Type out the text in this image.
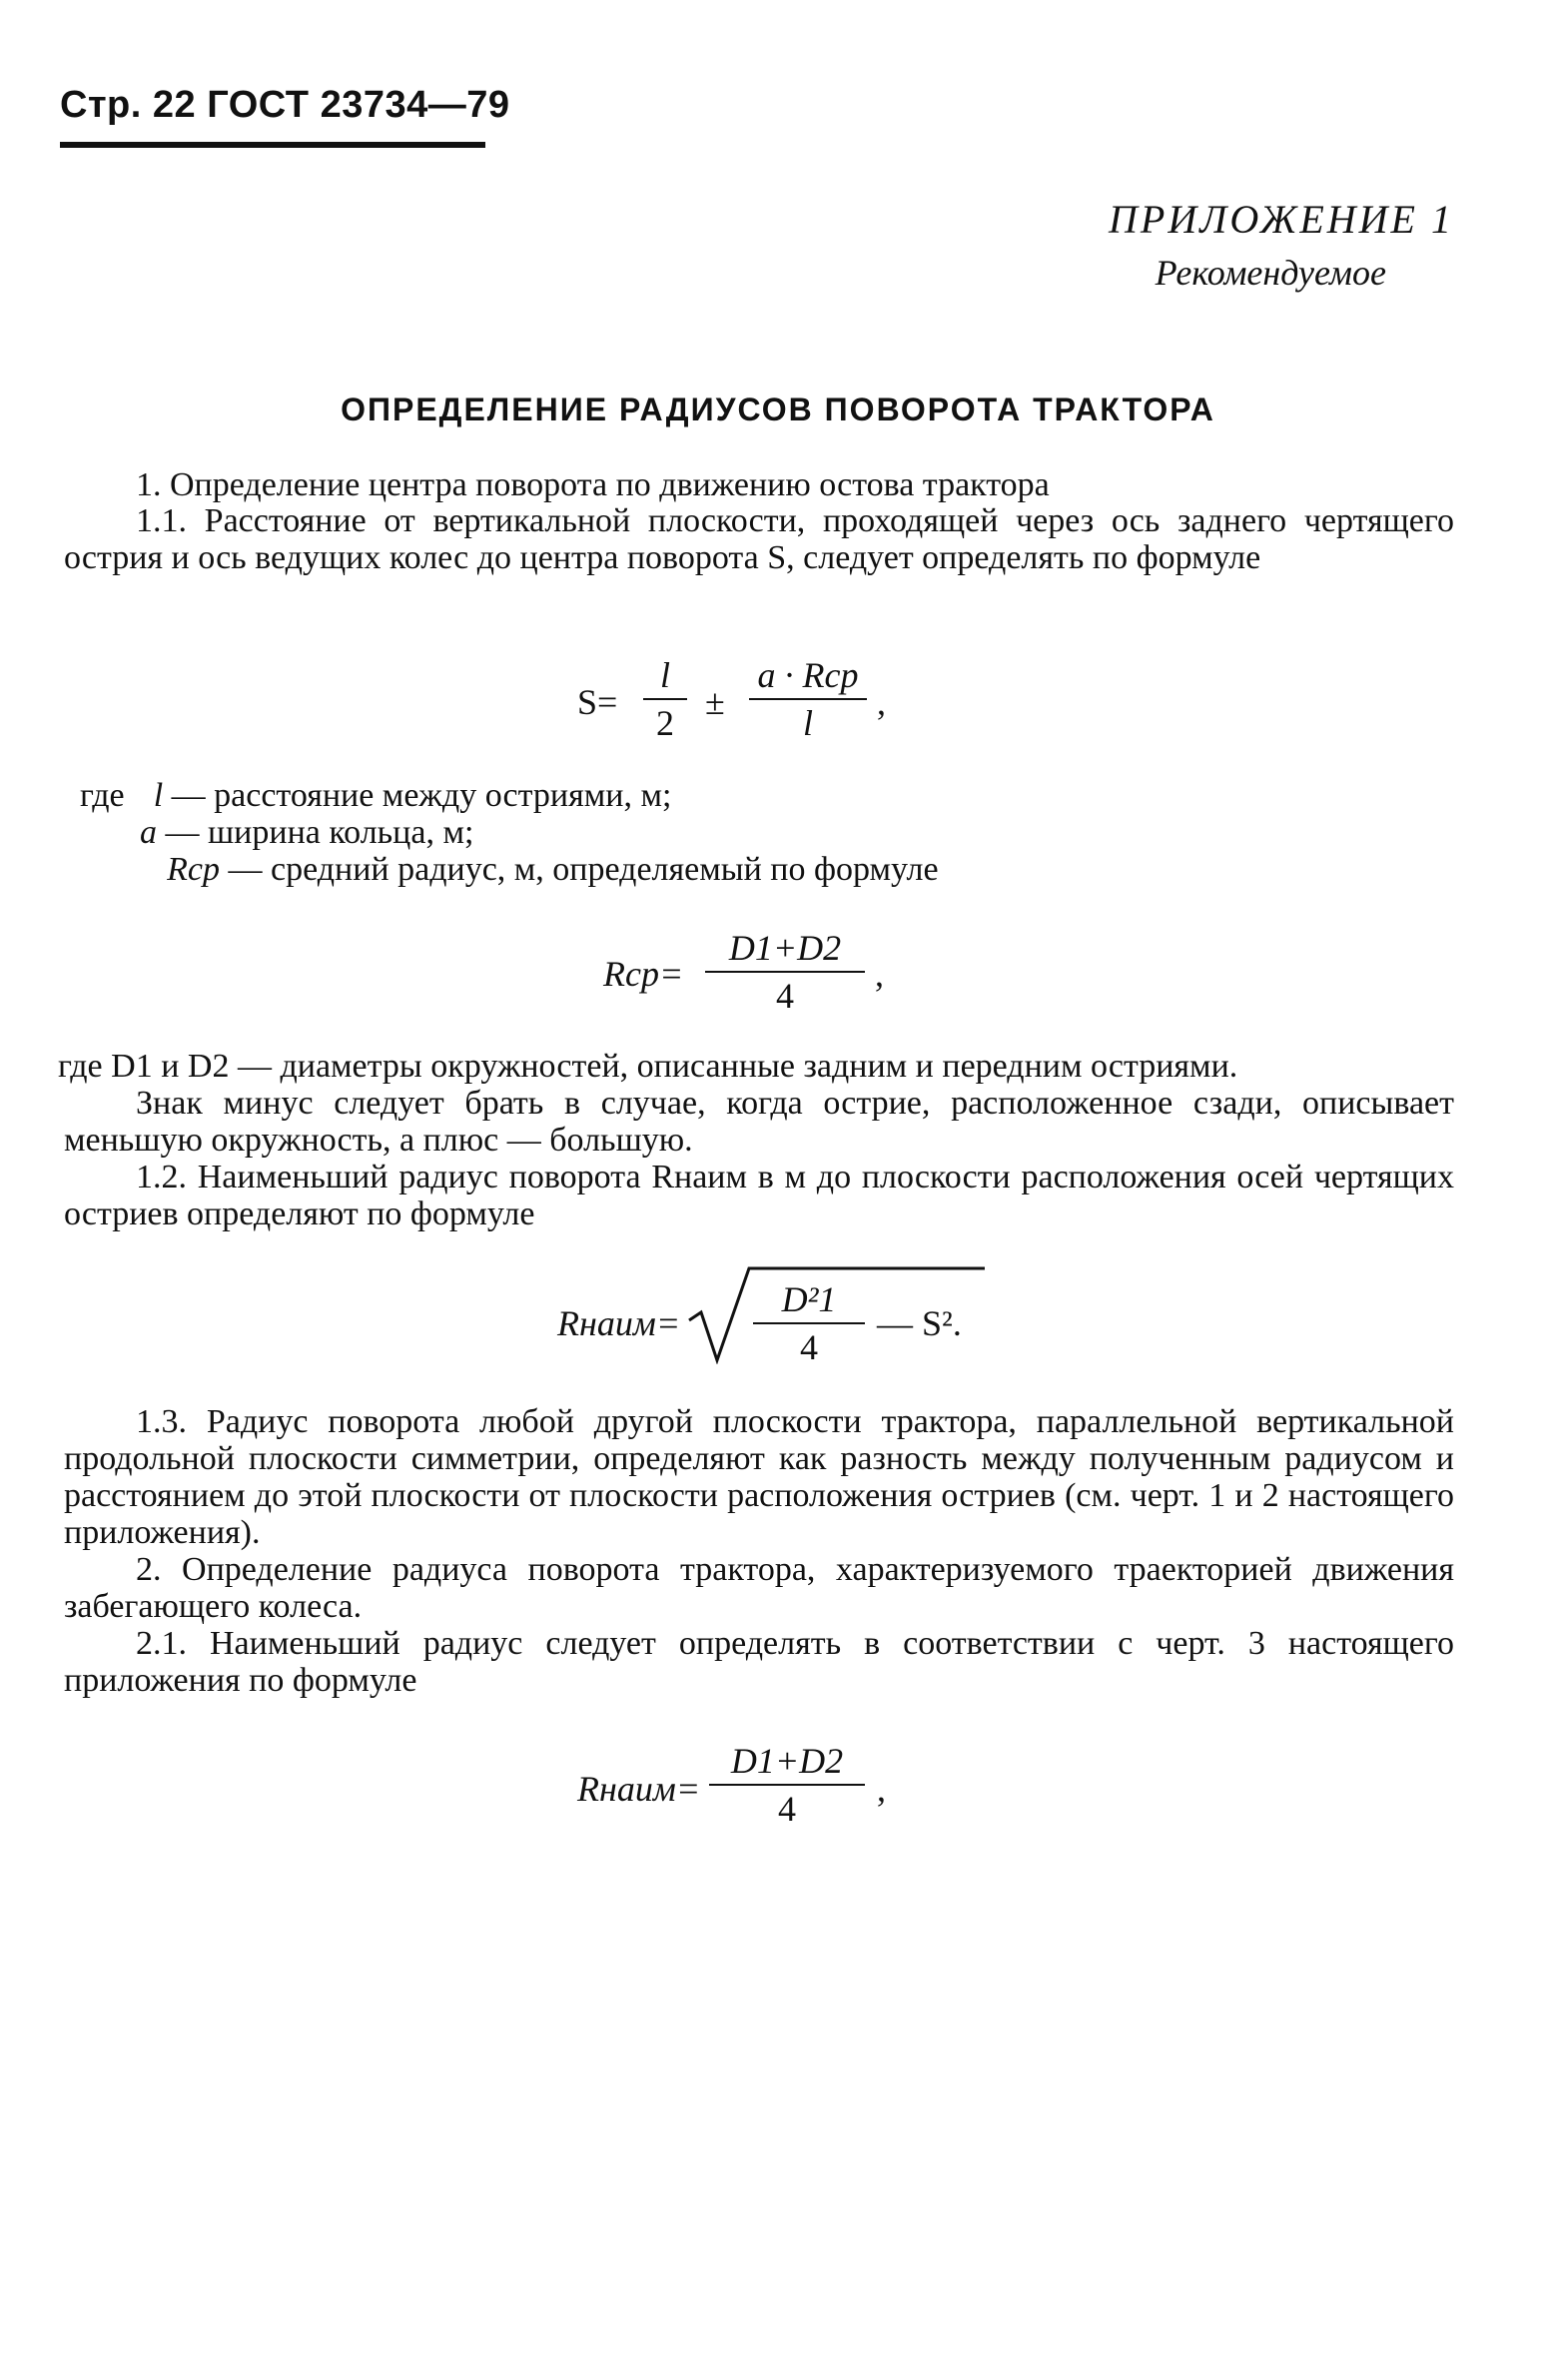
Стр. 22 ГОСТ 23734—79
ПРИЛОЖЕНИЕ 1
Рекомендуемое
ОПРЕДЕЛЕНИЕ РАДИУСОВ ПОВОРОТА ТРАКТОРА
1. Определение центра поворота по движению остова трактора
1.1. Расстояние от вертикальной плоскости, проходящей через ось заднего чертящего острия и ось ведущих колес до центра поворота S, следует определять по формуле
S=
l
2
±
a · Rср
l
,
где l — расстояние между остриями, м;
a — ширина кольца, м;
Rср — средний радиус, м, определяемый по формуле
Rср=
D1+D2
4
,
где D1 и D2 — диаметры окружностей, описанные задним и передним остриями.
Знак минус следует брать в случае, когда острие, расположенное сзади, описывает меньшую окружность, а плюс — большую.
1.2. Наименьший радиус поворота Rнаим в м до плоскости расположения осей чертящих остриев определяют по формуле
Rнаим=
D²1
4
— S².
1.3. Радиус поворота любой другой плоскости трактора, параллельной вертикальной продольной плоскости симметрии, определяют как разность между полученным радиусом и расстоянием до этой плоскости от плоскости расположения остриев (см. черт. 1 и 2 настоящего приложения).
2. Определение радиуса поворота трактора, характеризуемого траекторией движения забегающего колеса.
2.1. Наименьший радиус следует определять в соответствии с черт. 3 настоящего приложения по формуле
Rнаим=
D1+D2
4	,
